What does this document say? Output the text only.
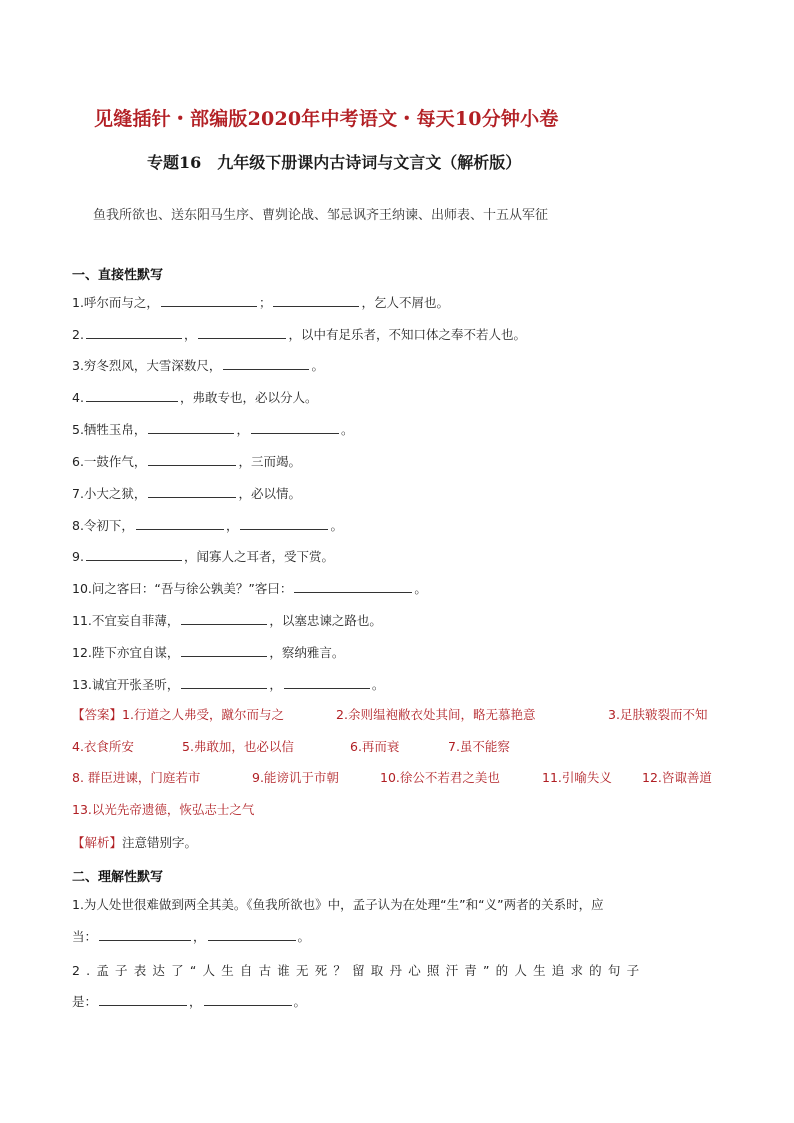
见缝插针・部编版2020年中考语文・每天10分钟小卷
专题16　九年级下册课内古诗词与文言文（解析版）
鱼我所欲也、送东阳马生序、曹刿论战、邹忌讽齐王纳谏、出师表、十五从军征
一、直接性默写
1.呼尔而与之，	；	，乞人不屑也。
2.	，	，以中有足乐者，不知口体之奉不若人也。
3.穷冬烈风，大雪深数尺，	。
4.	，弗敢专也，必以分人。
5.牺牲玉帛，	，	。
6.一鼓作气，	，三而竭。
7.小大之狱，	，必以情。
8.令初下，	，	。
9.	，闻寡人之耳者，受下赏。
10.问之客曰：“吾与徐公孰美？”客曰：	。
11.不宜妄自菲薄，	，以塞忠谏之路也。
12.陛下亦宜自谋，	，察纳雅言。
13.诚宜开张圣听，	，	。
【答案】1.行道之人弗受，蹴尔而与之	2.余则缊袍敝衣处其间，略无慕艳意	3.足肤皲裂而不知
4.衣食所安	5.弗敢加，也必以信	6.再而衰	7.虽不能察
8. 群臣进谏，门庭若市	9.能谤讥于市朝	10.徐公不若君之美也	11.引喻失义 12.咨诹善道
13.以光先帝遗德，恢弘志士之气
【解析】注意错别字。
二、理解性默写
1.为人处世很难做到两全其美。《鱼我所欲也》中，孟子认为在处理“生”和“义”两者的关系时，应
当：	，	。
2.孟子表达了“人生自古谁无死？留取丹心照汗青”的人生追求的句子
是：	，	。
